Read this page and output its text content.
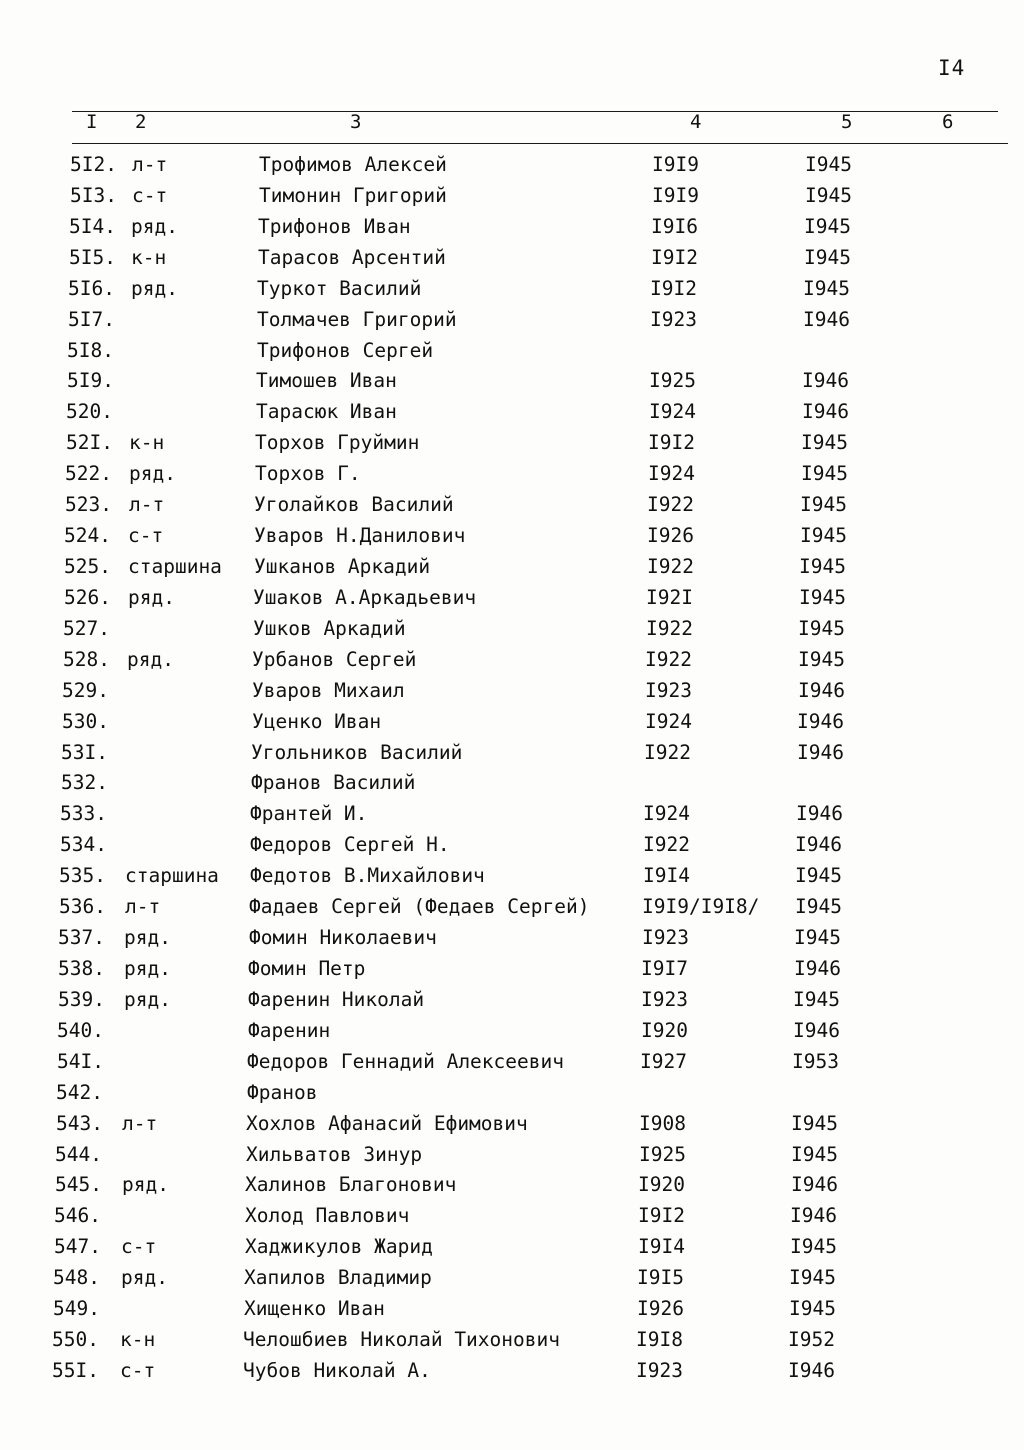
I4
I 2	3	4	5	6
5I2. л-т	Трофимов Алексей	I9I9	I945
5I3. с-т	Тимонин Григорий	I9I9	I945
5I4. ряд.	Трифонов Иван	I9I6	I945
5I5. к-н	Тарасов Арсентий	I9I2	I945
5I6. ряд.	Туркот Василий	I9I2	I945
5I7.	Толмачев Григорий	I923	I946
5I8.	Трифонов Сергей
5I9.	Тимошев Иван	I925	I946
520.	Тарасюк Иван	I924	I946
52I. к-н	Торхов Груймин	I9I2	I945
522. ряд.	Торхов Г.	I924	I945
523. л-т	Уголайков Василий	I922	I945
524. с-т	Уваров Н.Данилович	I926	I945
525. старшина	Ушканов Аркадий	I922	I945
526. ряд.	Ушаков А.Аркадьевич	I92I	I945
527.	Ушков Аркадий	I922	I945
528. ряд.	Урбанов Сергей	I922	I945
529.	Уваров Михаил	I923	I946
530.	Уценко Иван	I924	I946
53I.	Угольников Василий	I922	I946
532.	Франов Василий
533.	Франтей И.	I924	I946
534.	Федоров Сергей Н.	I922	I946
535. старшина	Федотов В.Михайлович	I9I4	I945
536. л-т	Фадаев Сергей (Федаев Сергей)	I9I9/I9I8/	I945
537. ряд.	Фомин Николаевич	I923	I945
538. ряд.	Фомин Петр	I9I7	I946
539. ряд.	Фаренин Николай	I923	I945
540.	Фаренин	I920	I946
54I.	Федоров Геннадий Алексеевич	I927	I953
542.	Франов
543. л-т	Хохлов Афанасий Ефимович	I908	I945
544.	Хильватов Зинур	I925	I945
545.	ряд.	Халинов Благонович	I920	I946
546.	Холод Павлович	I9I2	I946
547.	с-т	Хаджикулов Жарид	I9I4	I945
548.	ряд.	Хапилов Владимир	I9I5	I945
549.	Хищенко Иван	I926	I945
550.	к-н	Челошбиев Николай Тихонович	I9I8	I952
55I.	с-т	Чубов Николай А.	I923	I946
